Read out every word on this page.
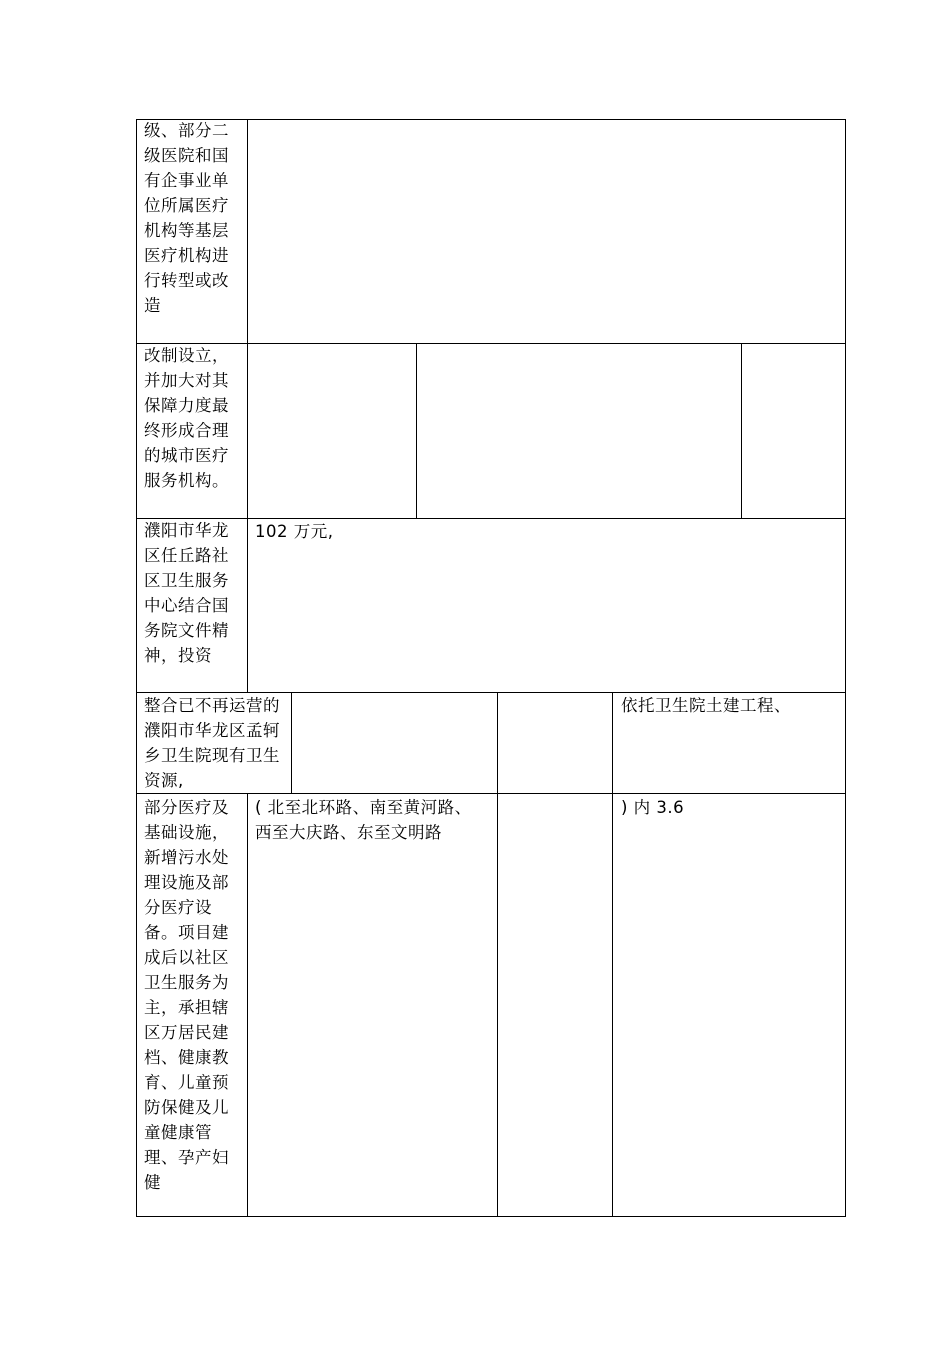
级、部分二级医院和国有企事业单位所属医疗机构等基层医疗机构进行转型或改造
改制设立，并加大对其保障力度最终形成合理的城市医疗服务机构。
濮阳市华龙区任丘路社区卫生服务中心结合国务院文件精神，投资
102 万元,
整合已不再运营的濮阳市华龙区孟轲乡卫生院现有卫生资源,
依托卫生院土建工程、
部分医疗及基础设施，新增污水处理设施及部分医疗设备。项目建成后以社区卫生服务为主，承担辖区万居民建档、健康教育、儿童预防保健及儿童健康管理、孕产妇健
( 北至北环路、南至黄河路、西至大庆路、东至文明路
) 内 3.6
